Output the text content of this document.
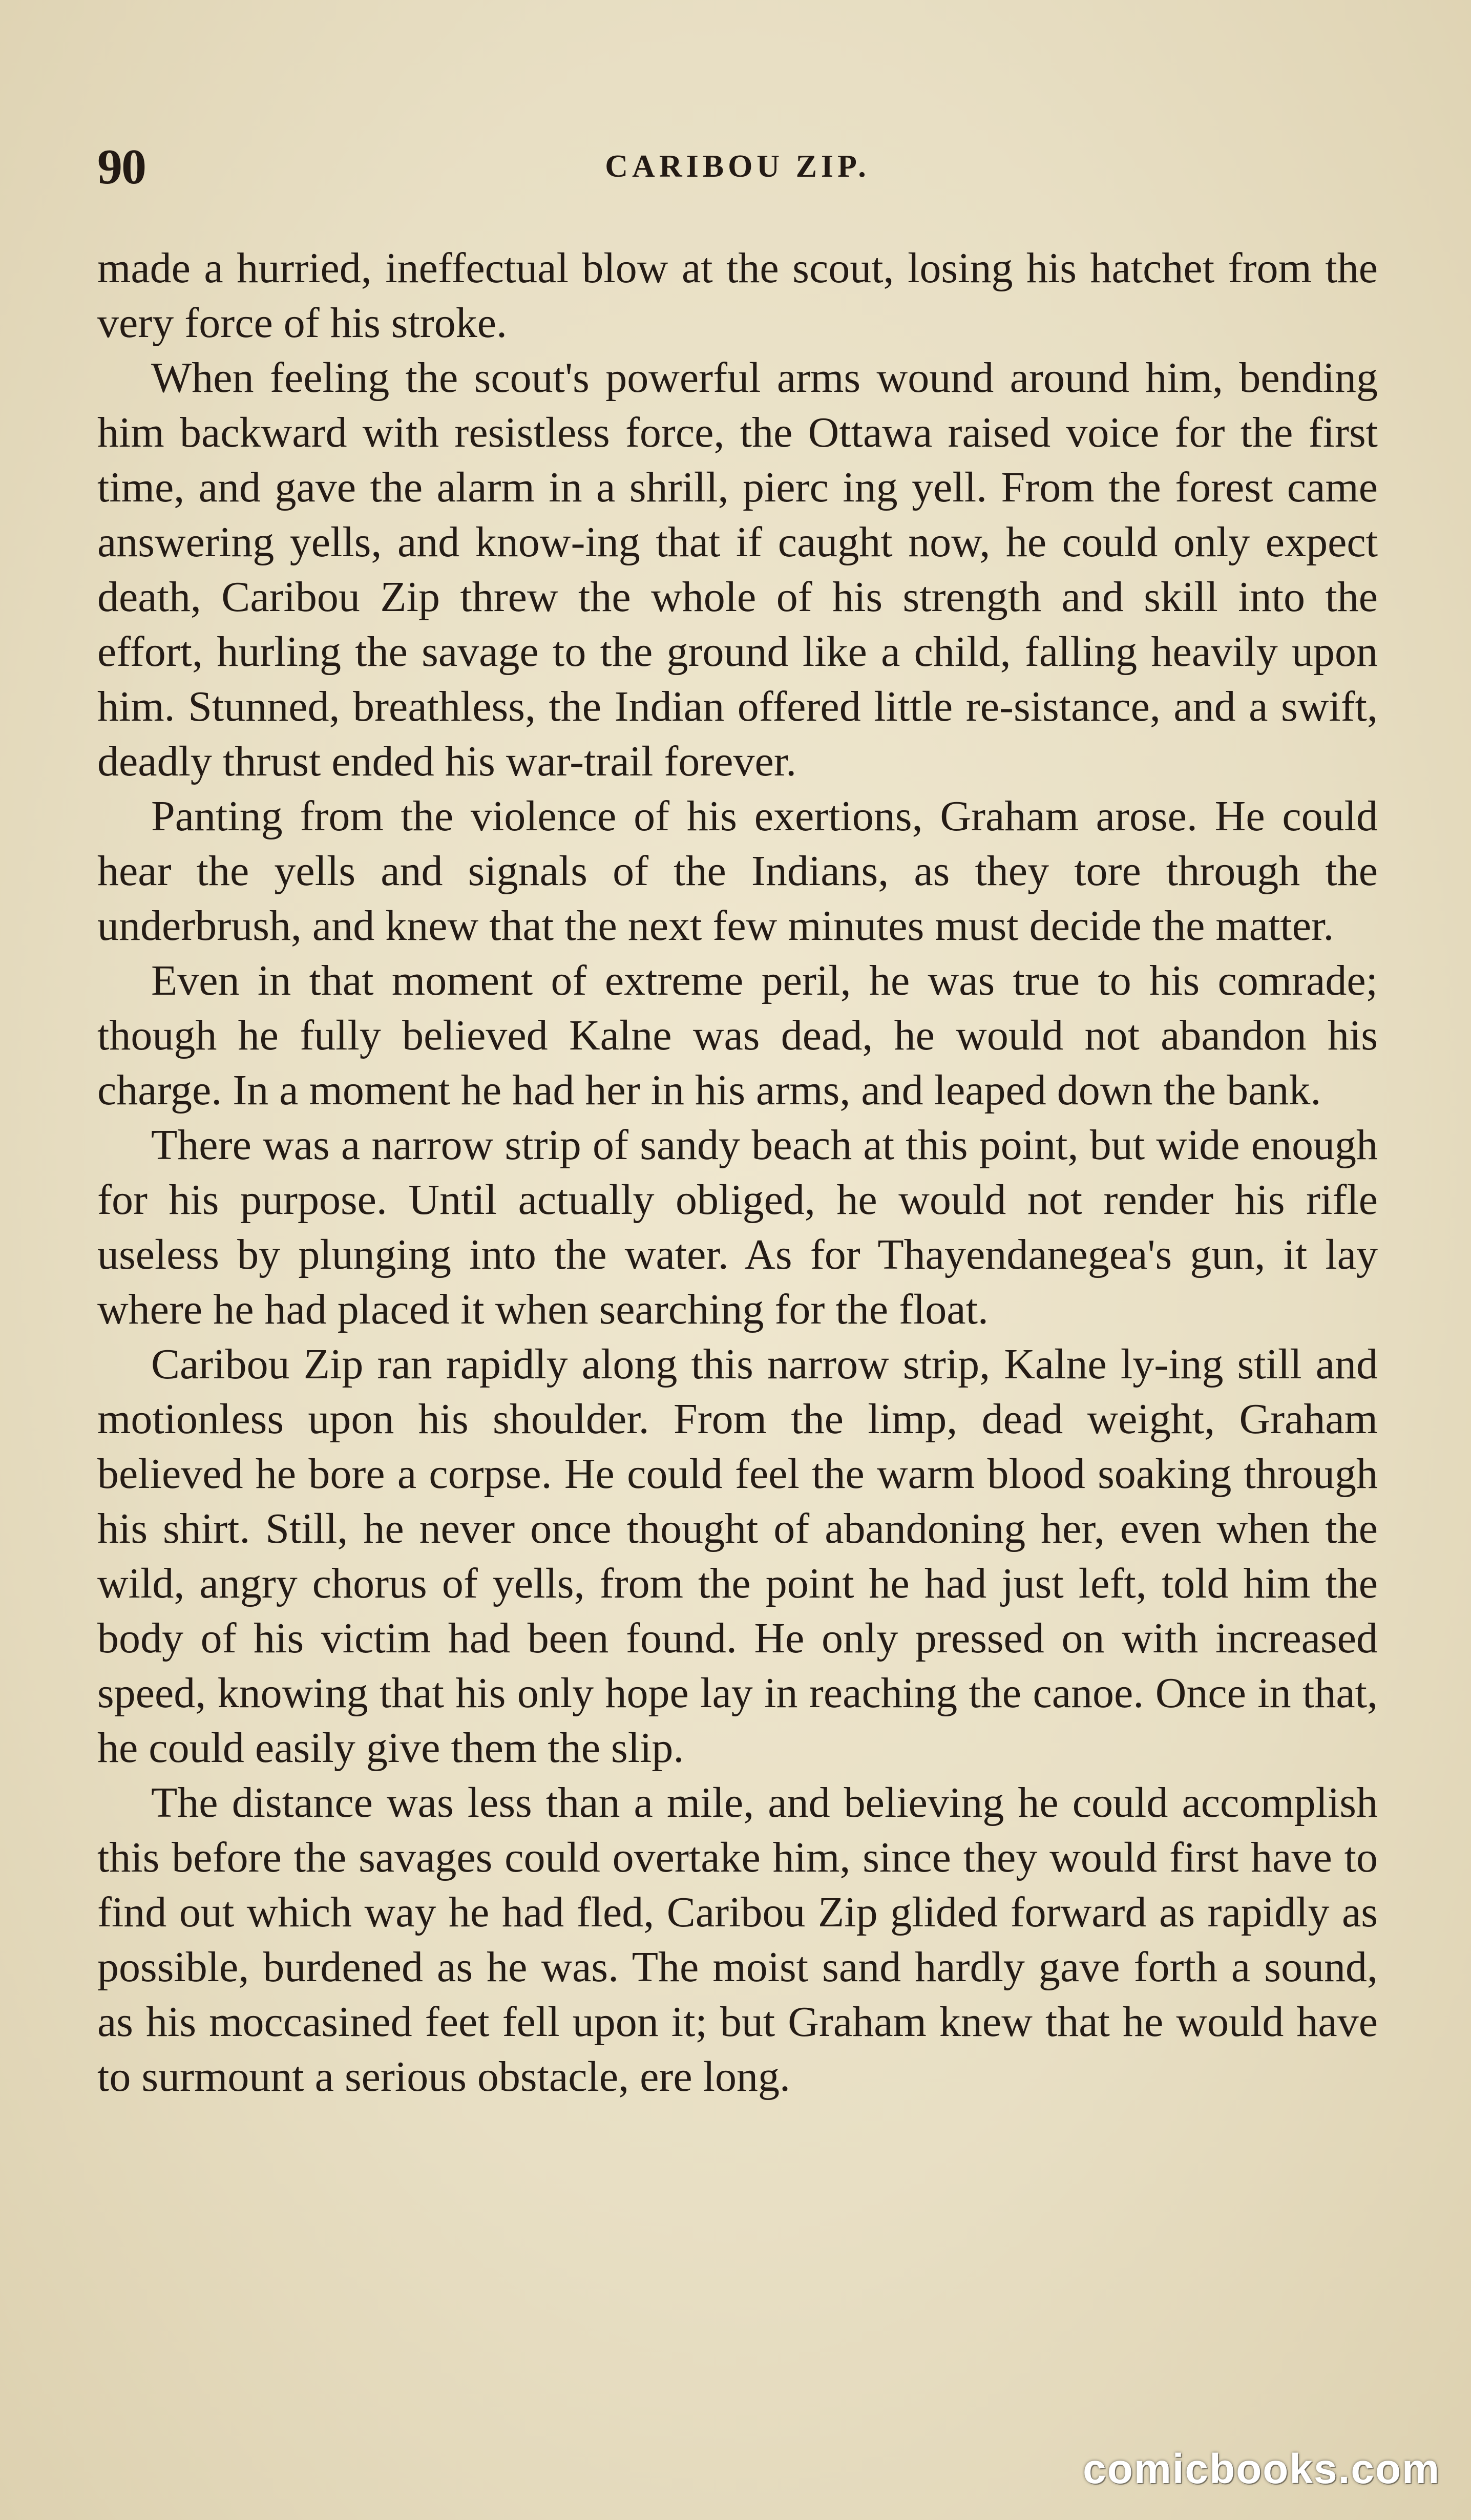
90	CARIBOU ZIP.

made a hurried, ineffectual blow at the scout, losing his hatchet from the very force of his stroke.

When feeling the scout's powerful arms wound around him, bending him backward with resistless force, the Ottawa raised voice for the first time, and gave the alarm in a shrill, pierc ing yell. From the forest came answering yells, and know-ing that if caught now, he could only expect death, Caribou Zip threw the whole of his strength and skill into the effort, hurling the savage to the ground like a child, falling heavily upon him. Stunned, breathless, the Indian offered little re-sistance, and a swift, deadly thrust ended his war-trail forever.

Panting from the violence of his exertions, Graham arose. He could hear the yells and signals of the Indians, as they tore through the underbrush, and knew that the next few minutes must decide the matter.

Even in that moment of extreme peril, he was true to his comrade; though he fully believed Kalne was dead, he would not abandon his charge. In a moment he had her in his arms, and leaped down the bank.

There was a narrow strip of sandy beach at this point, but wide enough for his purpose. Until actually obliged, he would not render his rifle useless by plunging into the water. As for Thayendanegea's gun, it lay where he had placed it when searching for the float.

Caribou Zip ran rapidly along this narrow strip, Kalne ly-ing still and motionless upon his shoulder. From the limp, dead weight, Graham believed he bore a corpse. He could feel the warm blood soaking through his shirt. Still, he never once thought of abandoning her, even when the wild, angry chorus of yells, from the point he had just left, told him the body of his victim had been found. He only pressed on with increased speed, knowing that his only hope lay in reaching the canoe. Once in that, he could easily give them the slip.

The distance was less than a mile, and believing he could accomplish this before the savages could overtake him, since they would first have to find out which way he had fled, Caribou Zip glided forward as rapidly as possible, burdened as he was. The moist sand hardly gave forth a sound, as his moccasined feet fell upon it; but Graham knew that he would have to surmount a serious obstacle, ere long.

comicbooks.com
